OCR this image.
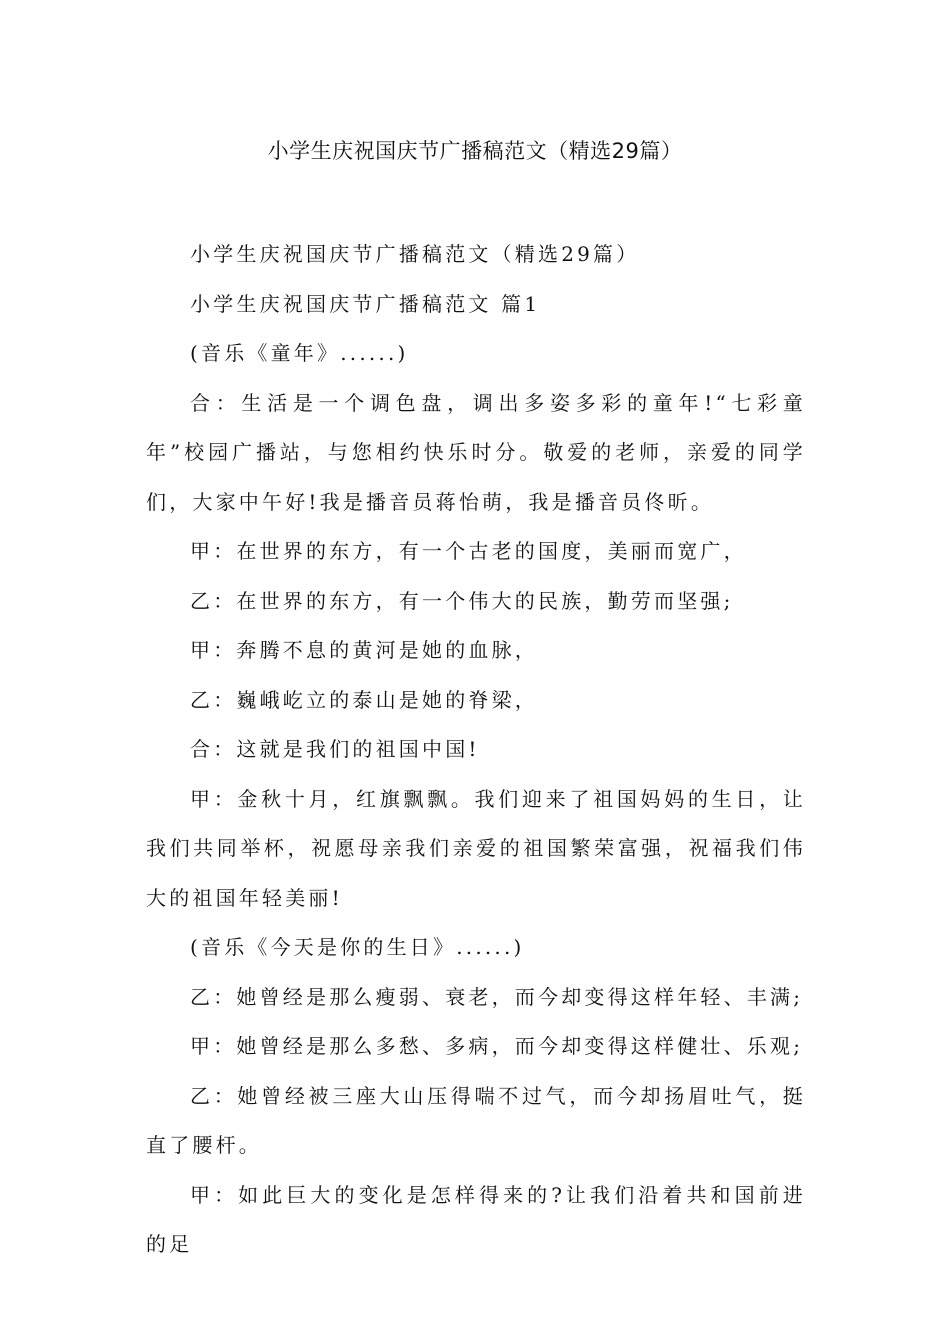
小学生庆祝国庆节广播稿范文（精选29篇）

小学生庆祝国庆节广播稿范文（精选29篇）

小学生庆祝国庆节广播稿范文 篇1

(音乐《童年》......)

合：生活是一个调色盘，调出多姿多彩的童年!“七彩童年”校园广播站，与您相约快乐时分。敬爱的老师，亲爱的同学们，大家中午好!我是播音员蒋怡萌，我是播音员佟昕。

甲：在世界的东方，有一个古老的国度，美丽而宽广，

乙：在世界的东方，有一个伟大的民族，勤劳而坚强;

甲：奔腾不息的黄河是她的血脉，

乙：巍峨屹立的泰山是她的脊梁，

合：这就是我们的祖国中国!

甲：金秋十月，红旗飘飘。我们迎来了祖国妈妈的生日，让我们共同举杯，祝愿母亲我们亲爱的祖国繁荣富强，祝福我们伟大的祖国年轻美丽!

(音乐《今天是你的生日》......)

乙：她曾经是那么瘦弱、衰老，而今却变得这样年轻、丰满;

甲：她曾经是那么多愁、多病，而今却变得这样健壮、乐观;

乙：她曾经被三座大山压得喘不过气，而今却扬眉吐气，挺直了腰杆。

甲：如此巨大的变化是怎样得来的?让我们沿着共和国前进的足
